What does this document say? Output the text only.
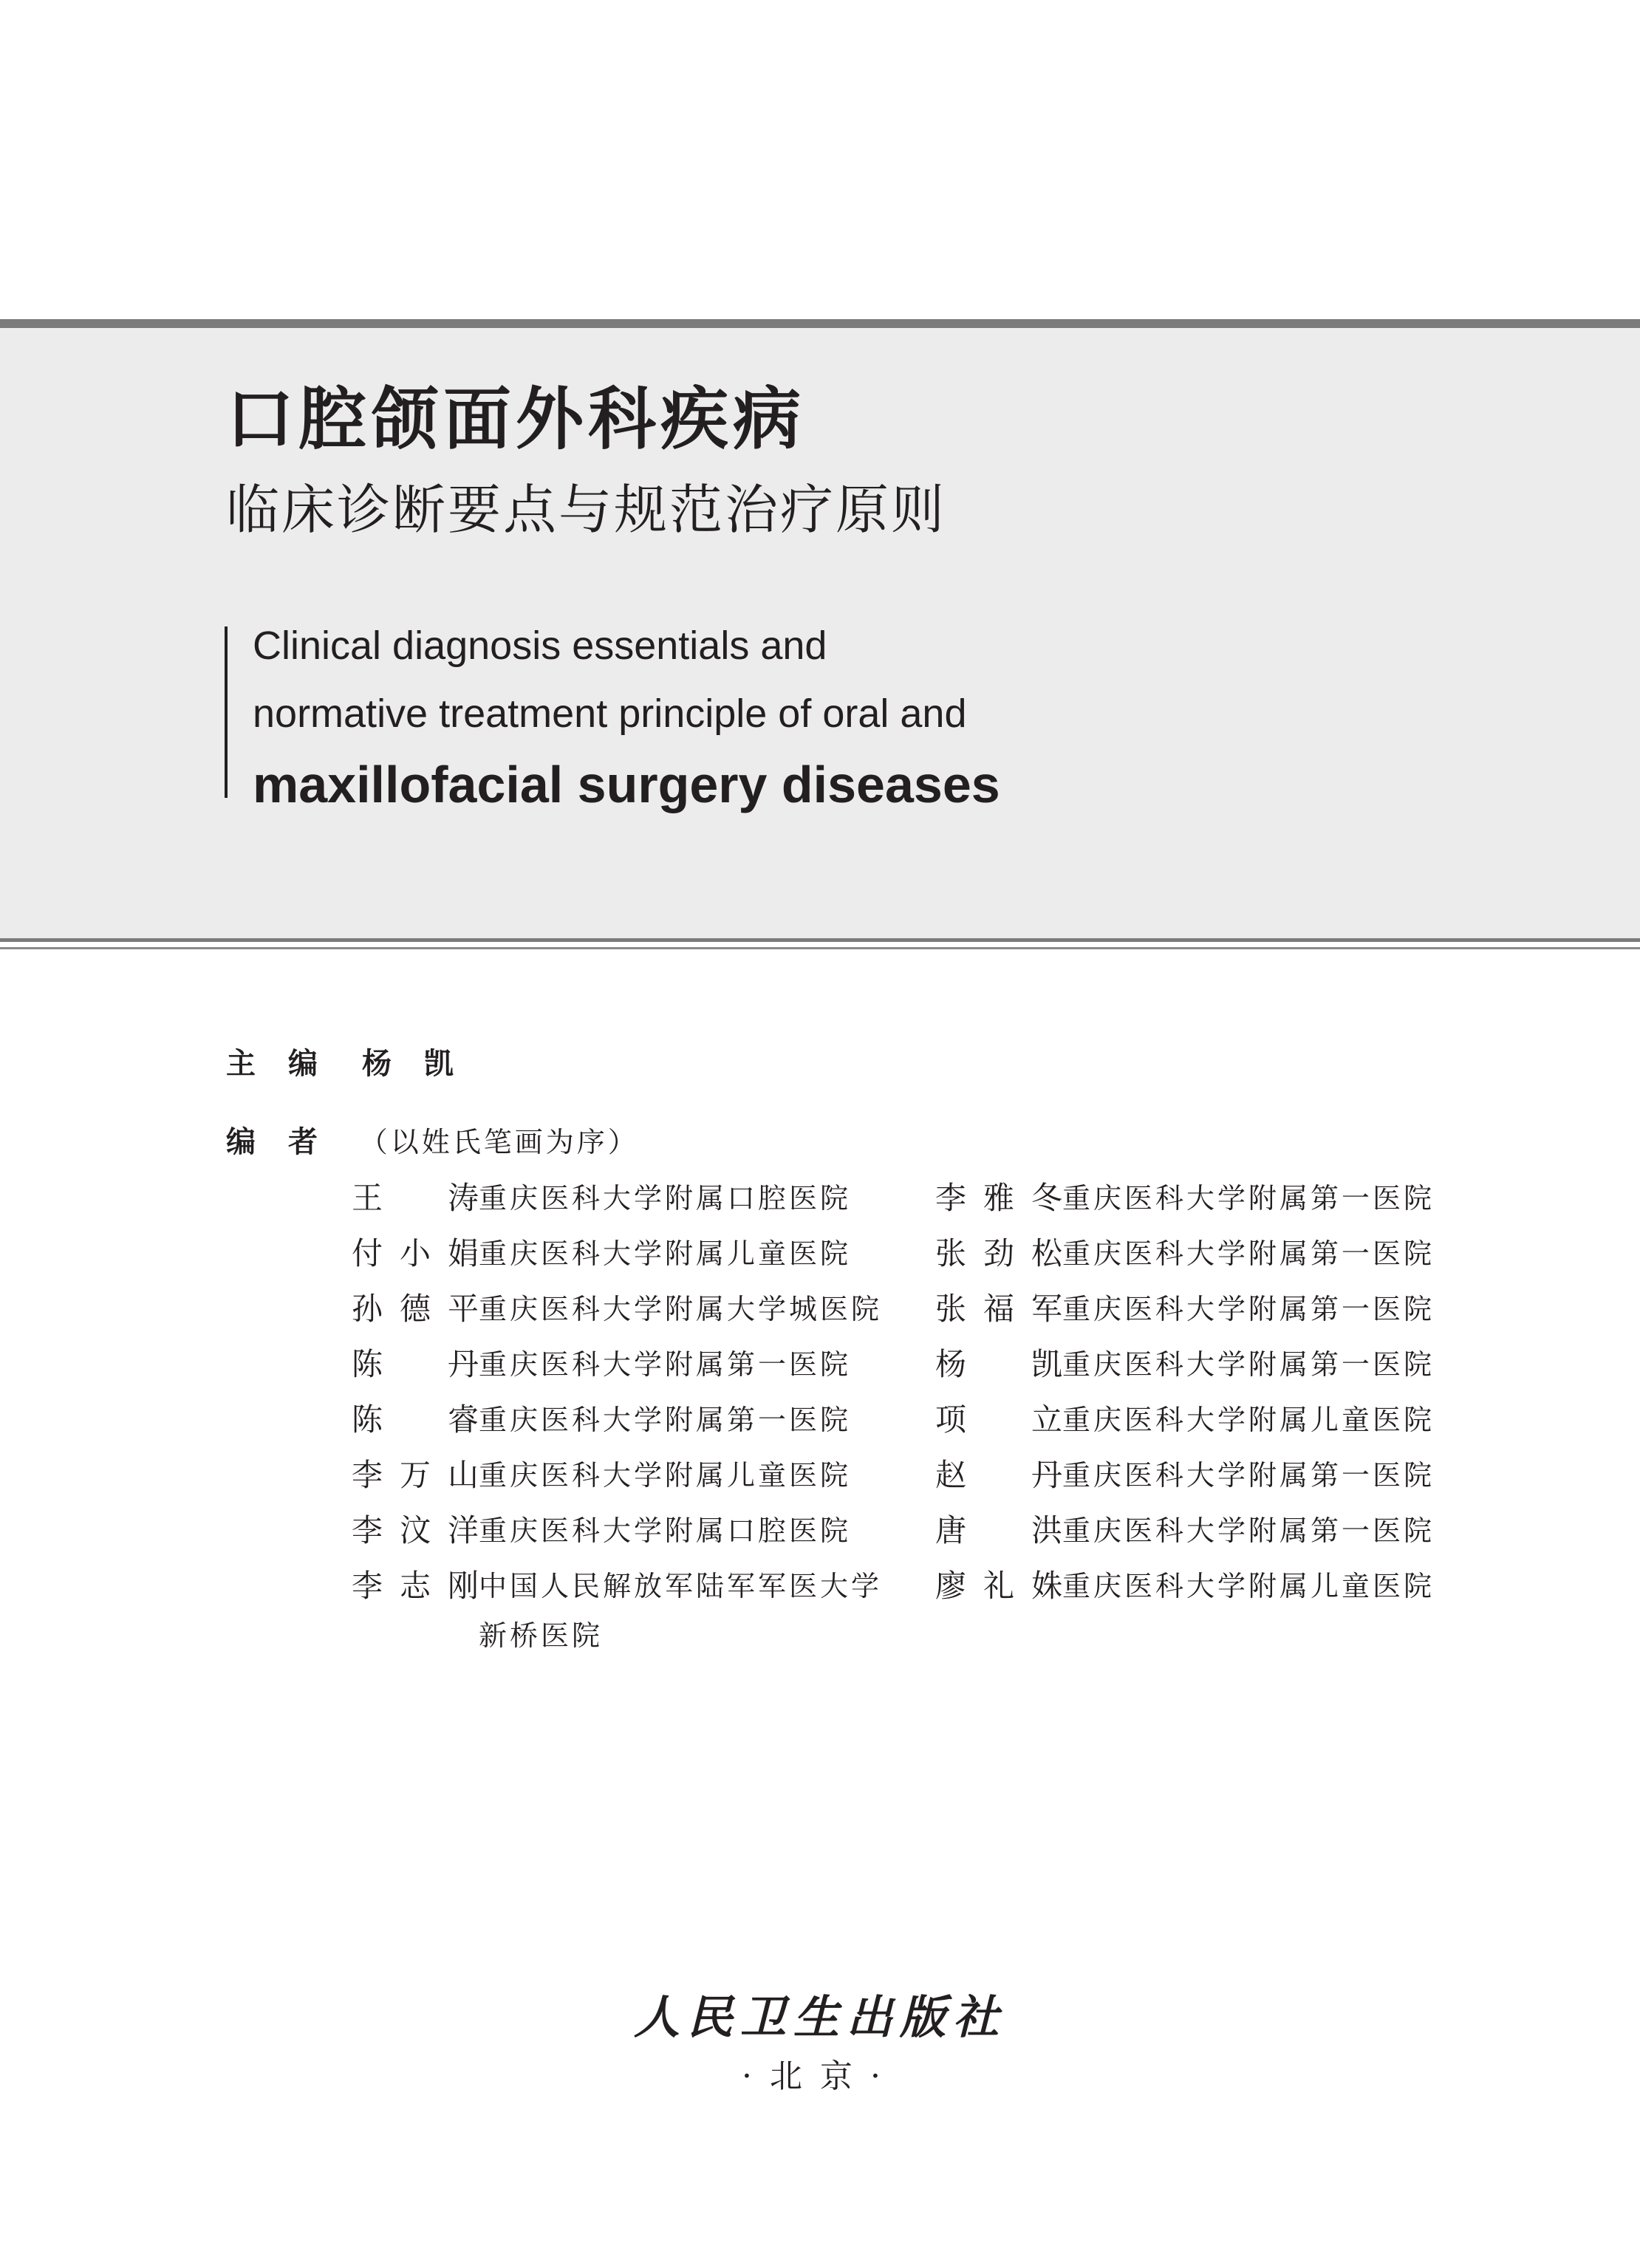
口腔颌面外科疾病
临床诊断要点与规范治疗原则
Clinical diagnosis essentials and
normative treatment principle of oral and
maxillofacial surgery diseases
主编 杨凯
编者 （以姓氏笔画为序）
王涛重庆医科大学附属口腔医院
付小娟重庆医科大学附属儿童医院
孙德平重庆医科大学附属大学城医院
陈丹重庆医科大学附属第一医院
陈睿重庆医科大学附属第一医院
李万山重庆医科大学附属儿童医院
李汶洋重庆医科大学附属口腔医院
李志刚中国人民解放军陆军军医大学
新桥医院
李雅冬重庆医科大学附属第一医院
张劲松重庆医科大学附属第一医院
张福军重庆医科大学附属第一医院
杨凯重庆医科大学附属第一医院
项立重庆医科大学附属儿童医院
赵丹重庆医科大学附属第一医院
唐洪重庆医科大学附属第一医院
廖礼姝重庆医科大学附属儿童医院
人民卫生出版社
·北京·
